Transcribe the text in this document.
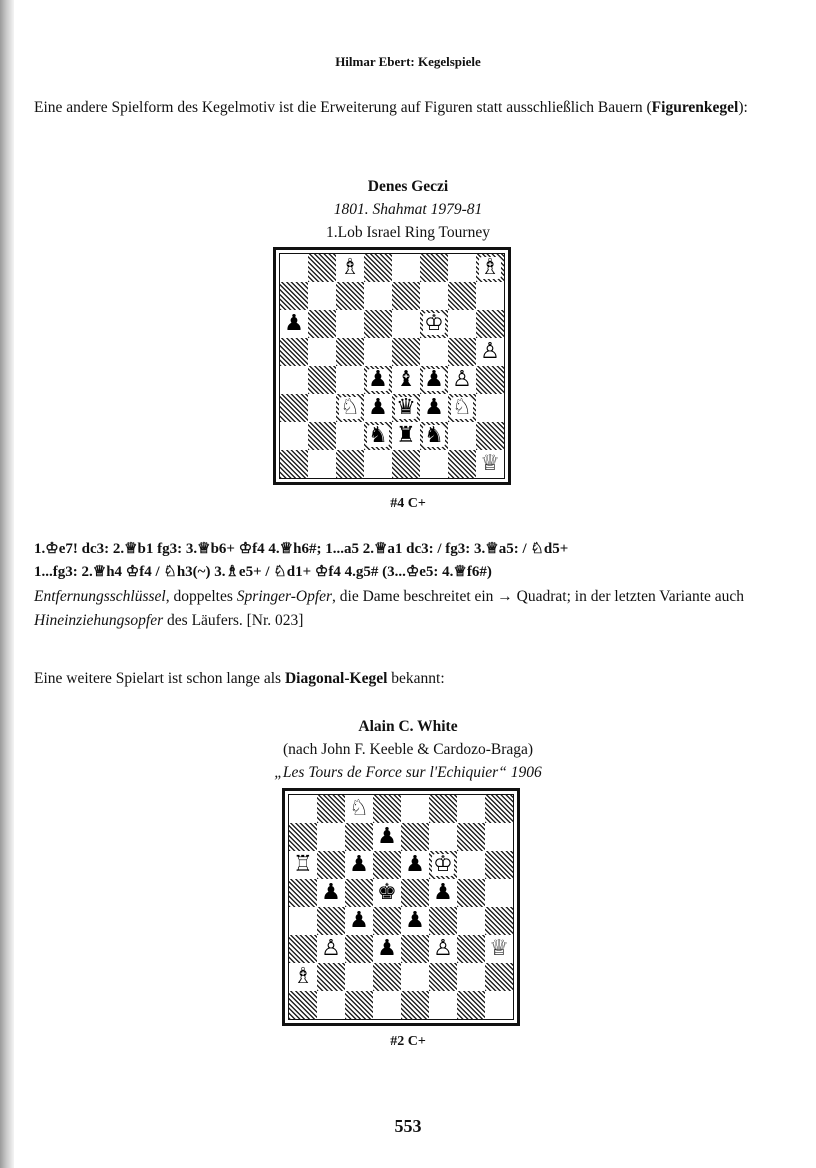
Hilmar Ebert: Kegelspiele

Eine andere Spielform des Kegelmotiv ist die Erweiterung auf Figuren statt ausschließlich Bauern (Figurenkegel):

Denes Geczi
1801. Shahmat 1979-81
1.Lob Israel Ring Tourney
♗	♗
♟	♔
♙
♟ ♝ ♟ ♙
♘ ♟ ♛ ♟ ♘
♞ ♜ ♞
♕
#4 C+
1.♔e7! dc3: 2.♕b1 fg3: 3.♕b6+ ♔f4 4.♕h6#; 1...a5 2.♕a1 dc3: / fg3: 3.♕a5: / ♘d5+
1...fg3: 2.♕h4 ♔f4 / ♘h3(~) 3.♗e5+ / ♘d1+ ♔f4 4.g5# (3...♔e5: 4.♕f6#)

Entfernungsschlüssel, doppeltes Springer-Opfer, die Dame beschreitet ein → Quadrat; in der letzten Variante auch Hineinziehungsopfer des Läufers. [Nr. 023]

Eine weitere Spielart ist schon lange als Diagonal-Kegel bekannt:

Alain C. White
(nach John F. Keeble & Cardozo-Braga)
„Les Tours de Force sur l'Echiquier“ 1906
♘
♟
♖ ♟ ♟ ♔
♟ ♚ ♟
♟ ♟
♙ ♟ ♙ ♕
♗
#2 C+
553
